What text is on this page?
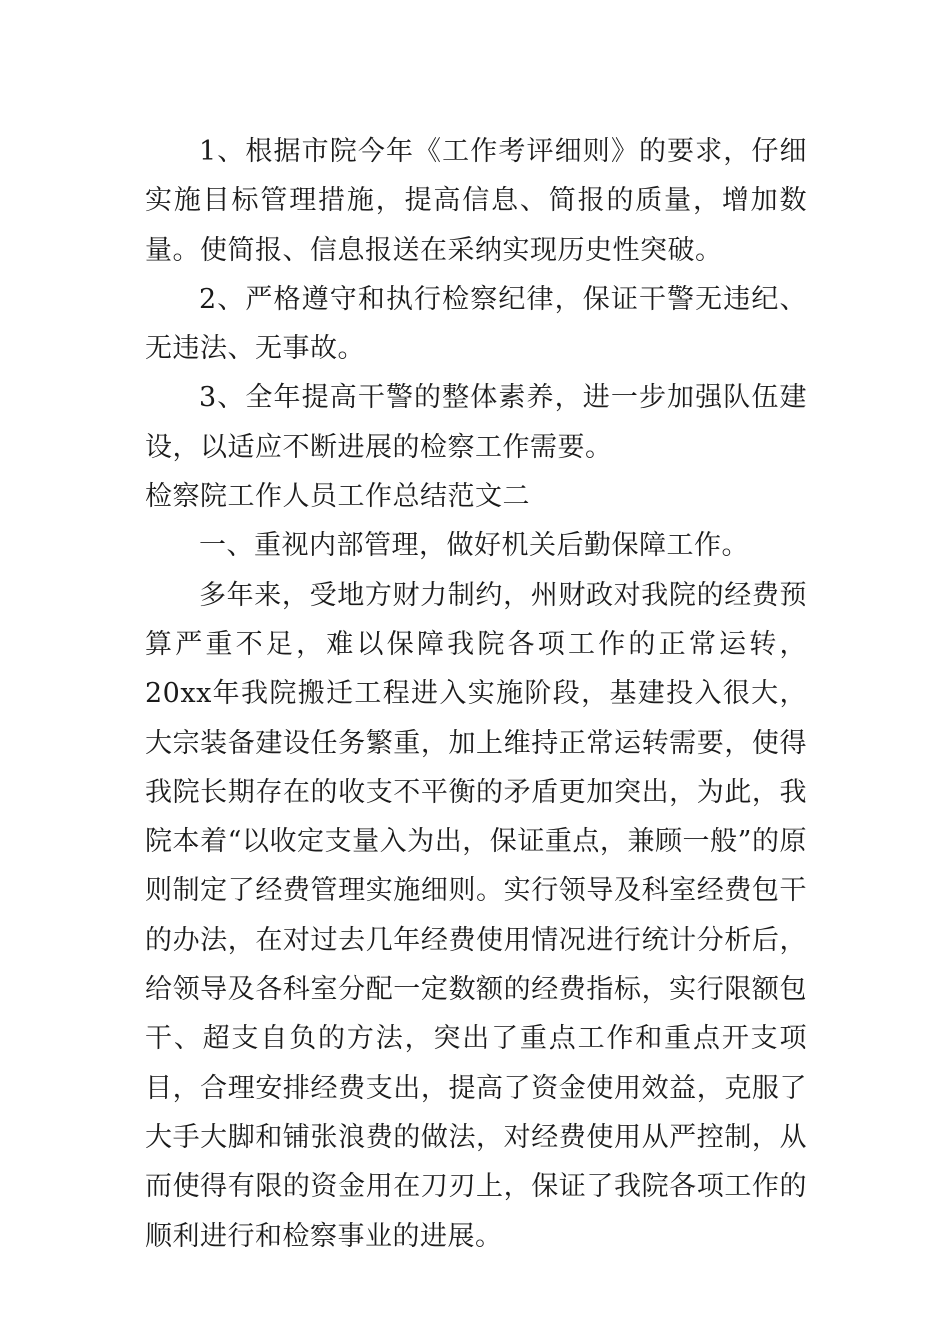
1、根据市院今年《工作考评细则》的要求，仔细实施目标管理措施，提高信息、简报的质量，增加数量。使简报、信息报送在采纳实现历史性突破。

2、严格遵守和执行检察纪律，保证干警无违纪、无违法、无事故。

3、全年提高干警的整体素养，进一步加强队伍建设，以适应不断进展的检察工作需要。

检察院工作人员工作总结范文二

一、重视内部管理，做好机关后勤保障工作。

多年来，受地方财力制约，州财政对我院的经费预算严重不足，难以保障我院各项工作的正常运转，20xx年我院搬迁工程进入实施阶段，基建投入很大，大宗装备建设任务繁重，加上维持正常运转需要，使得我院长期存在的收支不平衡的矛盾更加突出，为此，我院本着“以收定支量入为出，保证重点，兼顾一般”的原则制定了经费管理实施细则。实行领导及科室经费包干的办法，在对过去几年经费使用情况进行统计分析后，给领导及各科室分配一定数额的经费指标，实行限额包干、超支自负的方法，突出了重点工作和重点开支项目，合理安排经费支出，提高了资金使用效益，克服了大手大脚和铺张浪费的做法，对经费使用从严控制，从而使得有限的资金用在刀刃上，保证了我院各项工作的顺利进行和检察事业的进展。
